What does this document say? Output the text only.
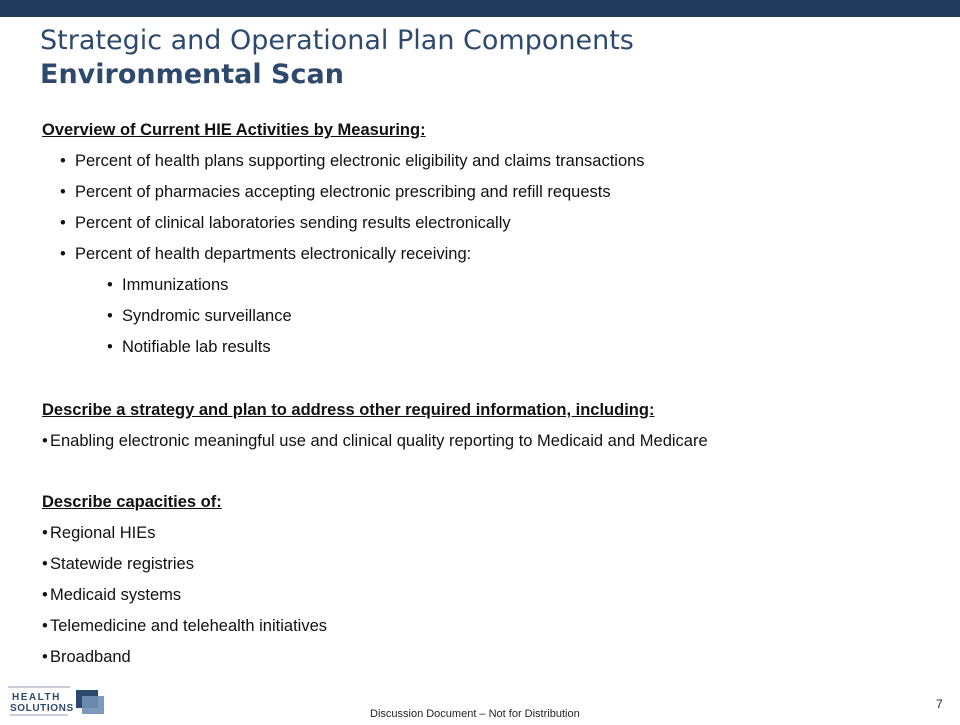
Strategic and Operational Plan Components
Environmental Scan
Overview of Current HIE Activities by Measuring:
• Percent of health plans supporting electronic eligibility and claims transactions
• Percent of pharmacies accepting electronic prescribing and refill requests
• Percent of clinical laboratories sending results electronically
• Percent of health departments electronically receiving:
• Immunizations
• Syndromic surveillance
• Notifiable lab results
Describe a strategy and plan to address other required information, including:
• Enabling electronic meaningful use and clinical quality reporting to Medicaid and Medicare
Describe capacities of:
• Regional HIEs
• Statewide registries
• Medicaid systems
• Telemedicine and telehealth initiatives
• Broadband
HEALTH
SOLUTIONS	Discussion Document – Not for Distribution
7
